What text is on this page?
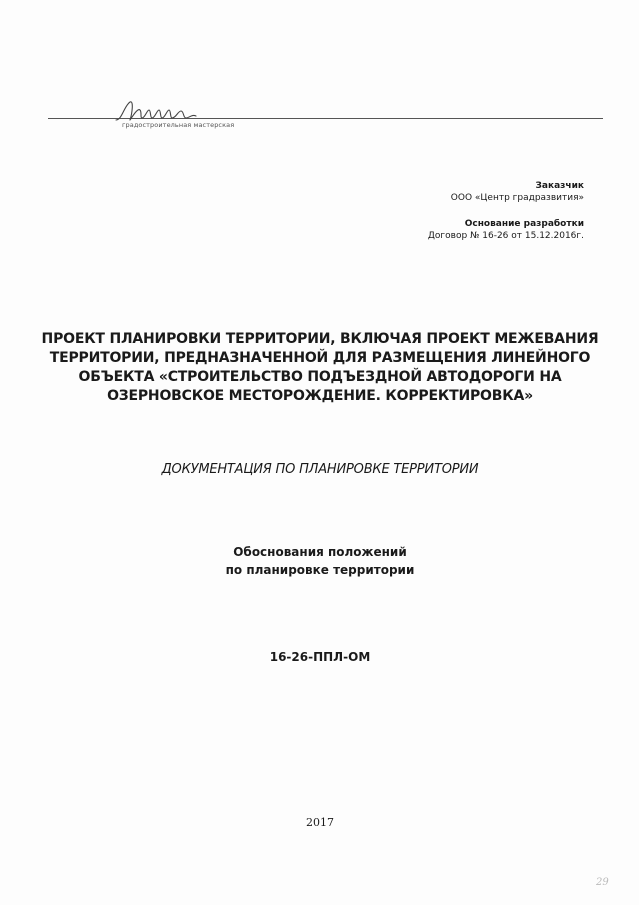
градостроительная мастерская
Заказчик
ООО «Центр градразвития»
Основание разработки
Договор № 16-26 от 15.12.2016г.
ПРОЕКТ ПЛАНИРОВКИ ТЕРРИТОРИИ, ВКЛЮЧАЯ ПРОЕКТ МЕЖЕВАНИЯ
ТЕРРИТОРИИ, ПРЕДНАЗНАЧЕННОЙ ДЛЯ РАЗМЕЩЕНИЯ ЛИНЕЙНОГО
ОБЪЕКТА «СТРОИТЕЛЬСТВО ПОДЪЕЗДНОЙ АВТОДОРОГИ НА
ОЗЕРНОВСКОЕ МЕСТОРОЖДЕНИЕ. КОРРЕКТИРОВКА»
ДОКУМЕНТАЦИЯ ПО ПЛАНИРОВКЕ ТЕРРИТОРИИ
Обоснования положений
по планировке территории
16-26-ППЛ-ОМ
2017
29
